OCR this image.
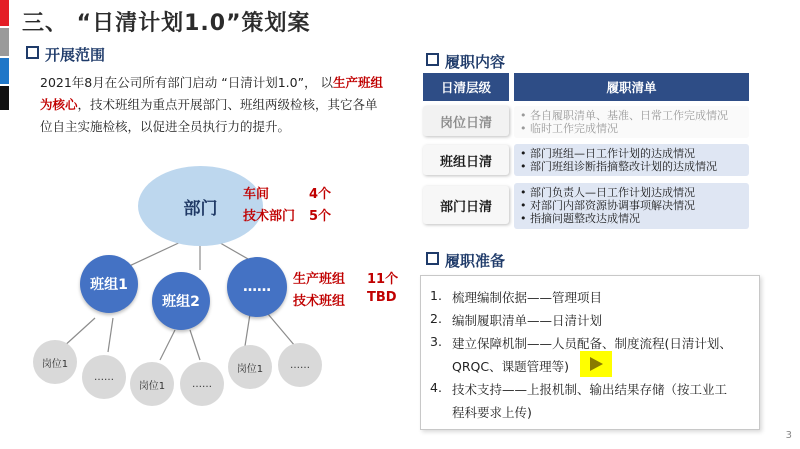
三、 “日清计划1.0”策划案
开展范围
2021年8月在公司所有部门启动 “日清计划1.0”， 以生产班组为核心，技术班组为重点开展部门、班组两级检核，其它各单位自主实施检核，以促进全员执行力的提升。
部门
班组1
班组2
……
岗位1
……
岗位1	……
岗位1	……
车间	4个
技术部门 5个
生产班组 11个
技术班组 TBD
履职内容
日清层级	履职清单
岗位日清
•	各自履职清单、基准、日常工作完成情况
• 临时工作完成情况
班组日清
• 部门班组—日工作计划的达成情况
• 部门班组诊断指摘整改计划的达成情况
部门日清
• 部门负责人—日工作计划达成情况
• 对部门内部资源协调事项解决情况
• 指摘问题整改达成情况
履职准备
1. 梳理编制依据——管理项目
2. 编制履职清单——日清计划
3. 建立保障机制——人员配备、制度流程(日清计划、
QRQC、课题管理等)
4. 技术支持——上报机制、输出结果存储（按工业工
程科要求上传)
3
